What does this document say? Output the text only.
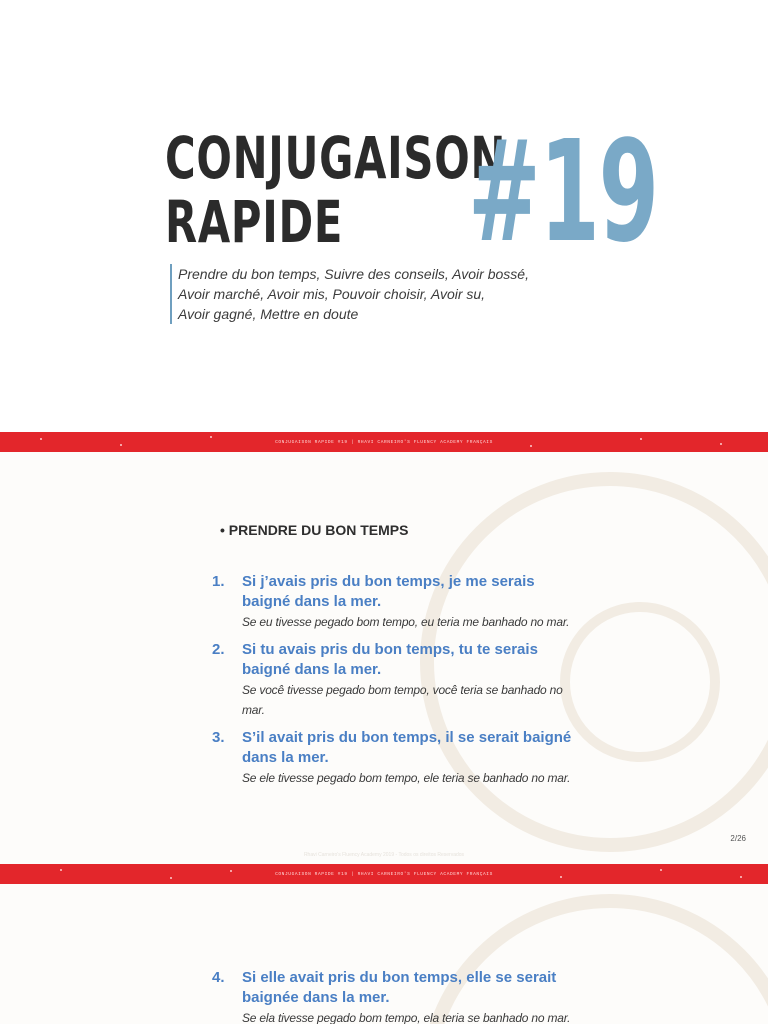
CONJUGAISON
RAPIDE #19
Prendre du bon temps, Suivre des conseils, Avoir bossé,
Avoir marché, Avoir mis, Pouvoir choisir, Avoir su,
Avoir gagné, Mettre en doute
CONJUGAISON RAPIDE #19 | RHAVI CARNEIRO'S FLUENCY ACADEMY FRANÇAIS
• PRENDRE DU BON TEMPS
1.	Si j’avais pris du bon temps, je me serais baigné dans la mer.
Se eu tivesse pegado bom tempo, eu teria me banhado no mar.
2.	Si tu avais pris du bon temps, tu te serais baigné dans la mer.
Se você tivesse pegado bom tempo, você teria se banhado no mar.
3.	S’il avait pris du bon temps, il se serait baigné dans la mer.
Se ele tivesse pegado bom tempo, ele teria se banhado no mar.
2/26
Rhavi Carneiro's Fluency Academy 2019 - Todos os direitos Reservados
CONJUGAISON RAPIDE #19 | RHAVI CARNEIRO'S FLUENCY ACADEMY FRANÇAIS
4.	Si elle avait pris du bon temps, elle se serait baignée dans la mer.
Se ela tivesse pegado bom tempo, ela teria se banhado no mar.
